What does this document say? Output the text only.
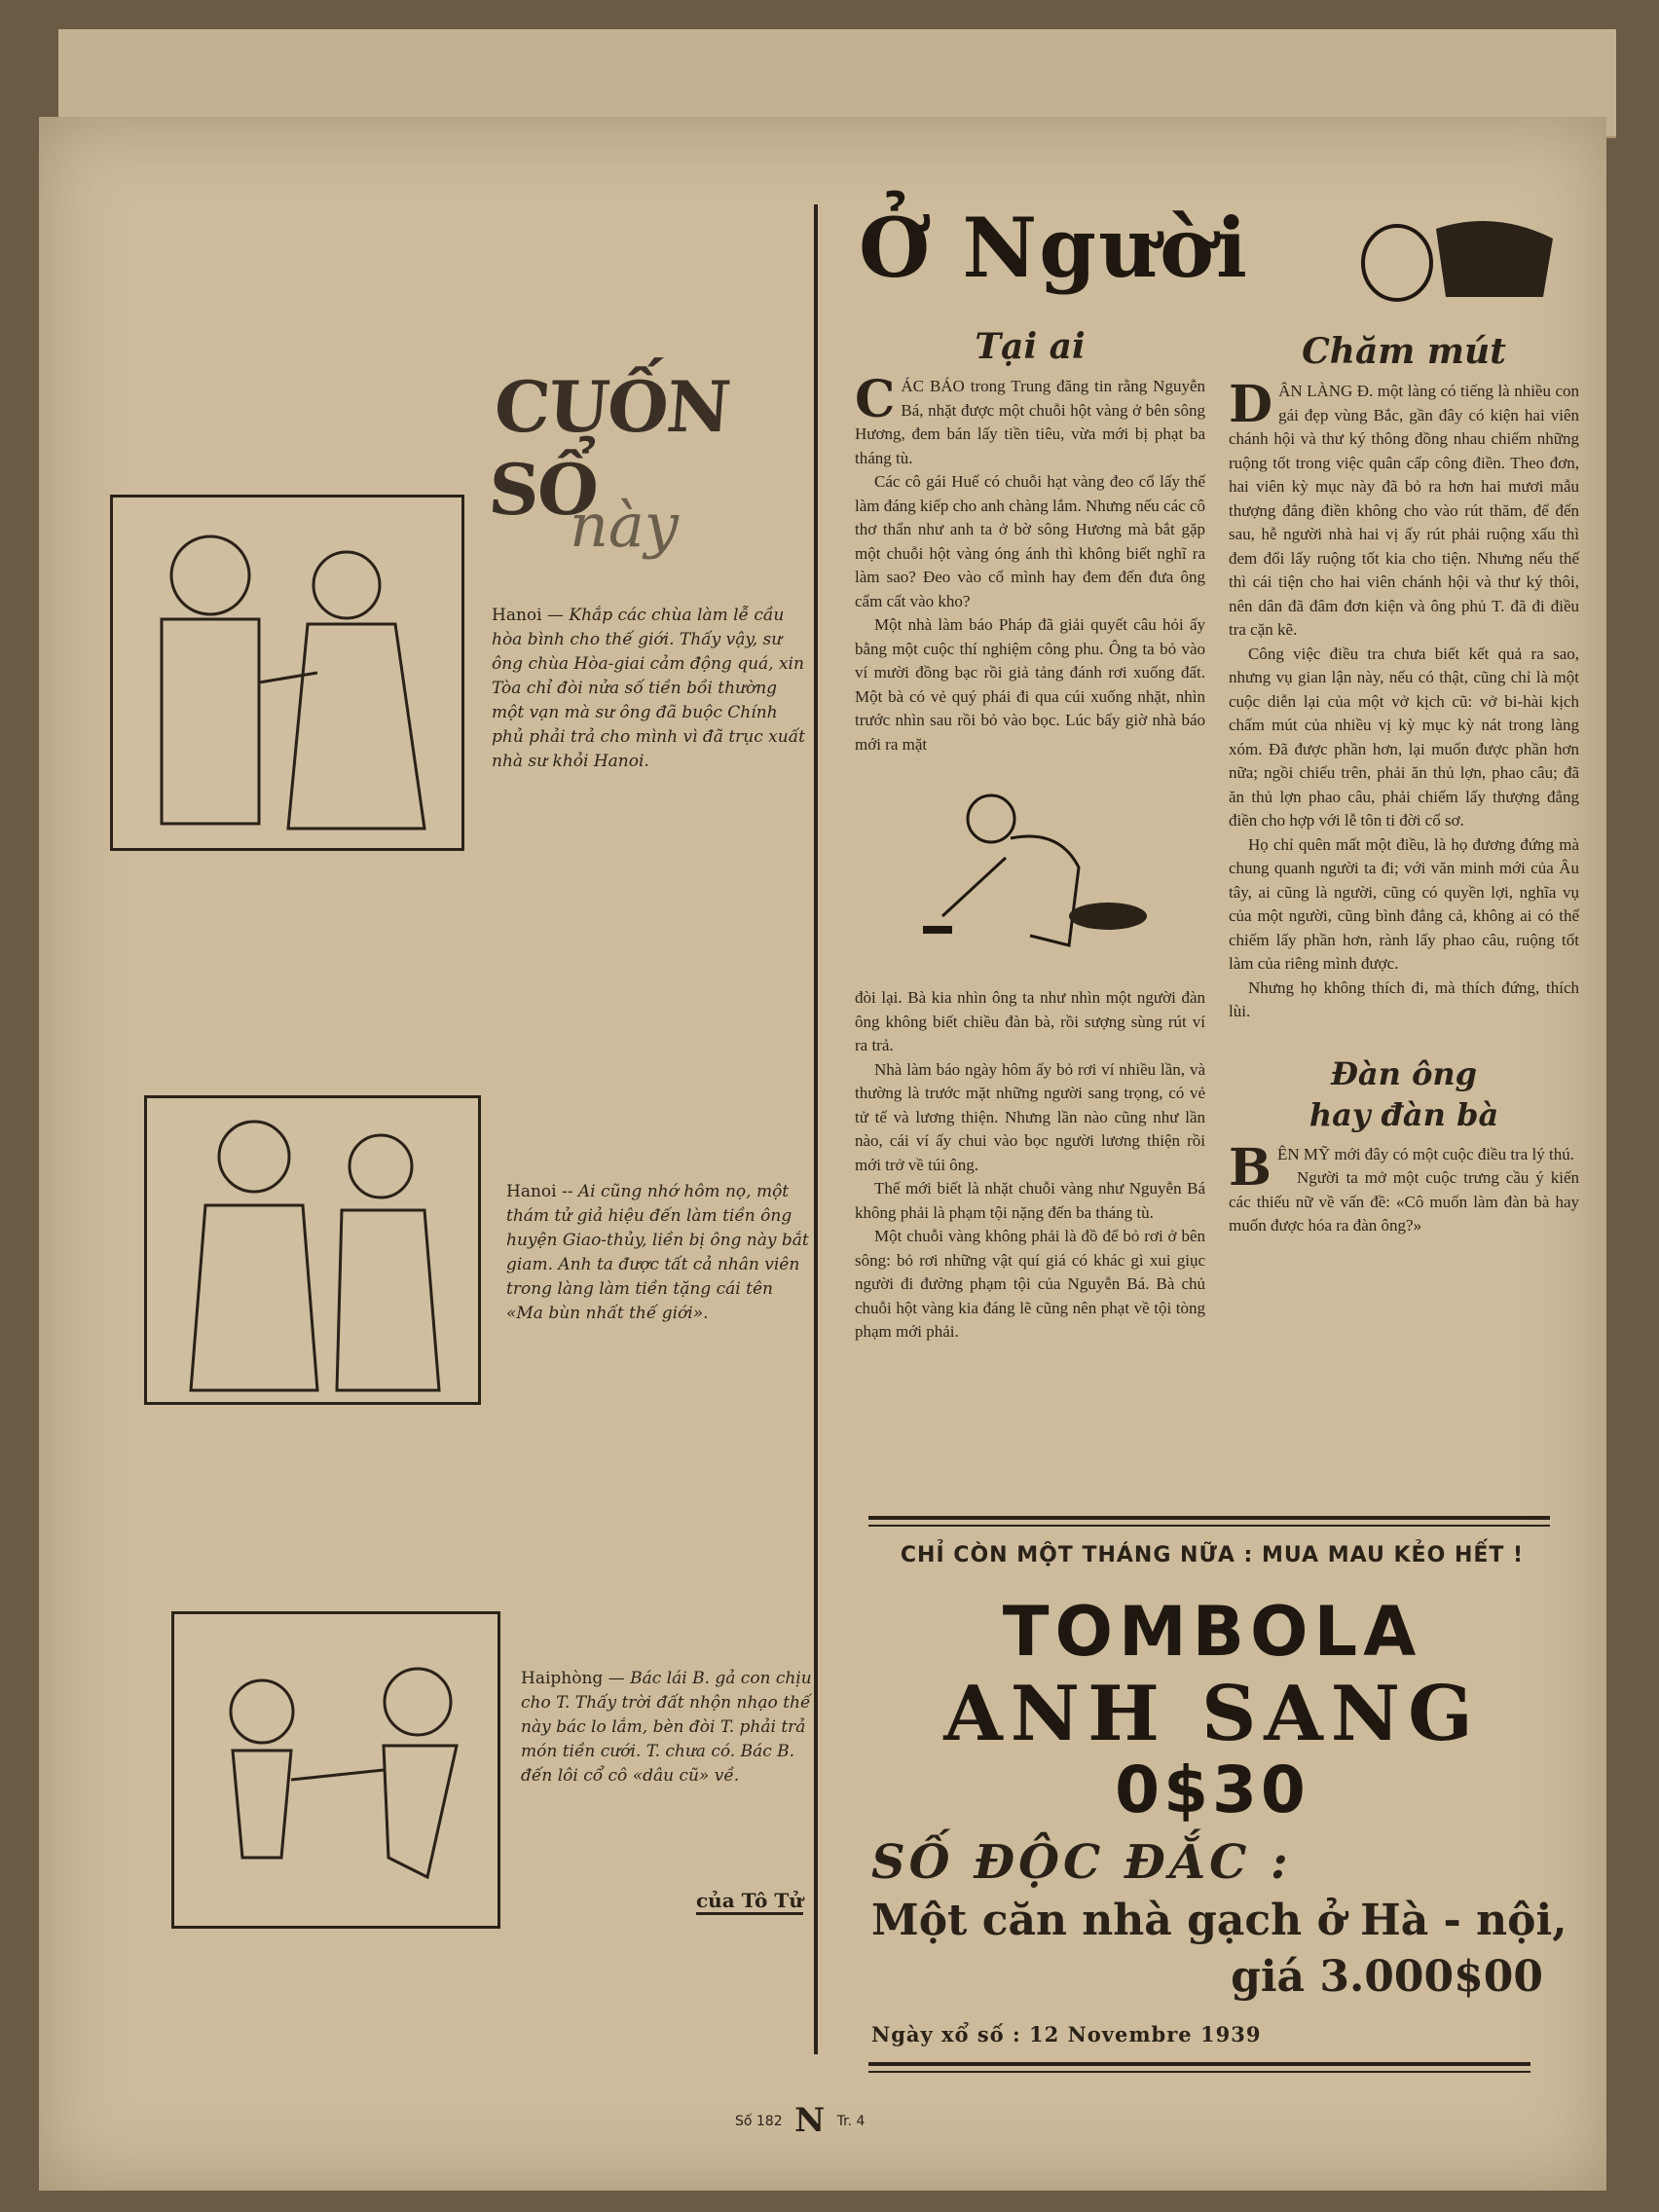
CUỐN SỔ
này
Hanoi — Khắp các chùa làm lễ cầu hòa bình cho thế giới. Thấy vậy, sư ông chùa Hòa-giai cảm động quá, xin Tòa chỉ đòi nửa số tiền bồi thường một vạn mà sư ông đã buộc Chính phủ phải trả cho mình vì đã trục xuất nhà sư khỏi Hanoi.
Hanoi -- Ai cũng nhớ hôm nọ, một thám tử giả hiệu đến làm tiền ông huyện Giao-thủy, liền bị ông này bắt giam. Anh ta được tất cả nhân viên trong làng làm tiền tặng cái tên «Ma bùn nhất thế giới».
Haiphòng — Bác lái B. gả con chịu cho T. Thấy trời đất nhộn nhạo thế này bác lo lắm, bèn đòi T. phải trả món tiền cưới. T. chưa có. Bác B. đến lôi cổ cô «dâu cũ» về.
của Tô Tử
Ở Người
Tại ai

CÁC BÁO trong Trung đăng tin rằng Nguyễn Bá, nhặt được một chuỗi hột vàng ở bên sông Hương, đem bán lấy tiền tiêu, vừa mới bị phạt ba tháng tù.

Các cô gái Huế có chuỗi hạt vàng đeo cổ lấy thế làm đáng kiếp cho anh chàng lắm. Nhưng nếu các cô thơ thẩn như anh ta ở bờ sông Hương mà bắt gặp một chuỗi hột vàng óng ánh thì không biết nghĩ ra làm sao? Đeo vào cổ mình hay đem đến đưa ông cẩm cất vào kho?

Một nhà làm báo Pháp đã giải quyết câu hỏi ấy bằng một cuộc thí nghiệm công phu. Ông ta bỏ vào ví mười đồng bạc rồi giả tảng đánh rơi xuống đất. Một bà có vẻ quý phái đi qua cúi xuống nhặt, nhìn trước nhìn sau rồi bỏ vào bọc. Lúc bấy giờ nhà báo mới ra mặt

đòi lại. Bà kia nhìn ông ta như nhìn một người đàn ông không biết chiều đàn bà, rồi sượng sùng rút ví ra trả.

Nhà làm báo ngày hôm ấy bỏ rơi ví nhiều lần, và thường là trước mặt những người sang trọng, có vẻ tử tế và lương thiện. Nhưng lần nào cũng như lần nào, cái ví ấy chui vào bọc người lương thiện rồi mới trở về túi ông.

Thế mới biết là nhặt chuỗi vàng như Nguyễn Bá không phải là phạm tội nặng đến ba tháng tù.

Một chuỗi vàng không phải là đồ để bỏ rơi ở bên sông: bỏ rơi những vật quí giá có khác gì xui giục người đi đường phạm tội của Nguyễn Bá. Bà chủ chuỗi hột vàng kia đáng lẽ cũng nên phạt về tội tòng phạm mới phải.

Chăm mút

DÂN LÀNG Đ. một làng có tiếng là nhiều con gái đẹp vùng Bắc, gần đây có kiện hai viên chánh hội và thư ký thông đồng nhau chiếm những ruộng tốt trong việc quân cấp công điền. Theo đơn, hai viên kỳ mục này đã bỏ ra hơn hai mươi mẫu thượng đẳng điền không cho vào rút thăm, để đến sau, hễ người nhà hai vị ấy rút phải ruộng xấu thì đem đổi lấy ruộng tốt kia cho tiện. Nhưng nếu thế thì cái tiện cho hai viên chánh hội và thư ký thôi, nên dân đã đâm đơn kiện và ông phủ T. đã đi điều tra cặn kẽ.

Công việc điều tra chưa biết kết quả ra sao, nhưng vụ gian lận này, nếu có thật, cũng chỉ là một cuộc diễn lại của một vở kịch cũ: vở bi-hài kịch chấm mút của nhiều vị kỳ mục kỳ nát trong làng xóm. Đã được phần hơn, lại muốn được phần hơn nữa; ngồi chiếu trên, phải ăn thủ lợn, phao câu; đã ăn thủ lợn phao câu, phải chiếm lấy thượng đẳng điền cho hợp với lễ tôn ti đời cổ sơ.

Họ chỉ quên mất một điều, là họ đương đứng mà chung quanh người ta đi; với văn minh mới của Âu tây, ai cũng là người, cũng có quyền lợi, nghĩa vụ của một người, cũng bình đẳng cả, không ai có thể chiếm lấy phần hơn, rành lấy phao câu, ruộng tốt làm của riêng mình được.

Nhưng họ không thích đi, mà thích đứng, thích lùi.

Đàn ông
hay đàn bà

BÊN MỸ mới đây có một cuộc điều tra lý thú.

Người ta mở một cuộc trưng cầu ý kiến các thiếu nữ về vấn đề: «Cô muốn làm đàn bà hay muốn được hóa ra đàn ông?»

CHỈ CÒN MỘT THÁNG NỮA : MUA MAU KẺO HẾT !
TOMBOLA
ANH SANG
0$30
SỐ ĐỘC ĐẮC :
Một căn nhà gạch ở Hà - nội,
giá 3.000$00
Ngày xổ số : 12 Novembre 1939
Số 182 N Tr. 4
